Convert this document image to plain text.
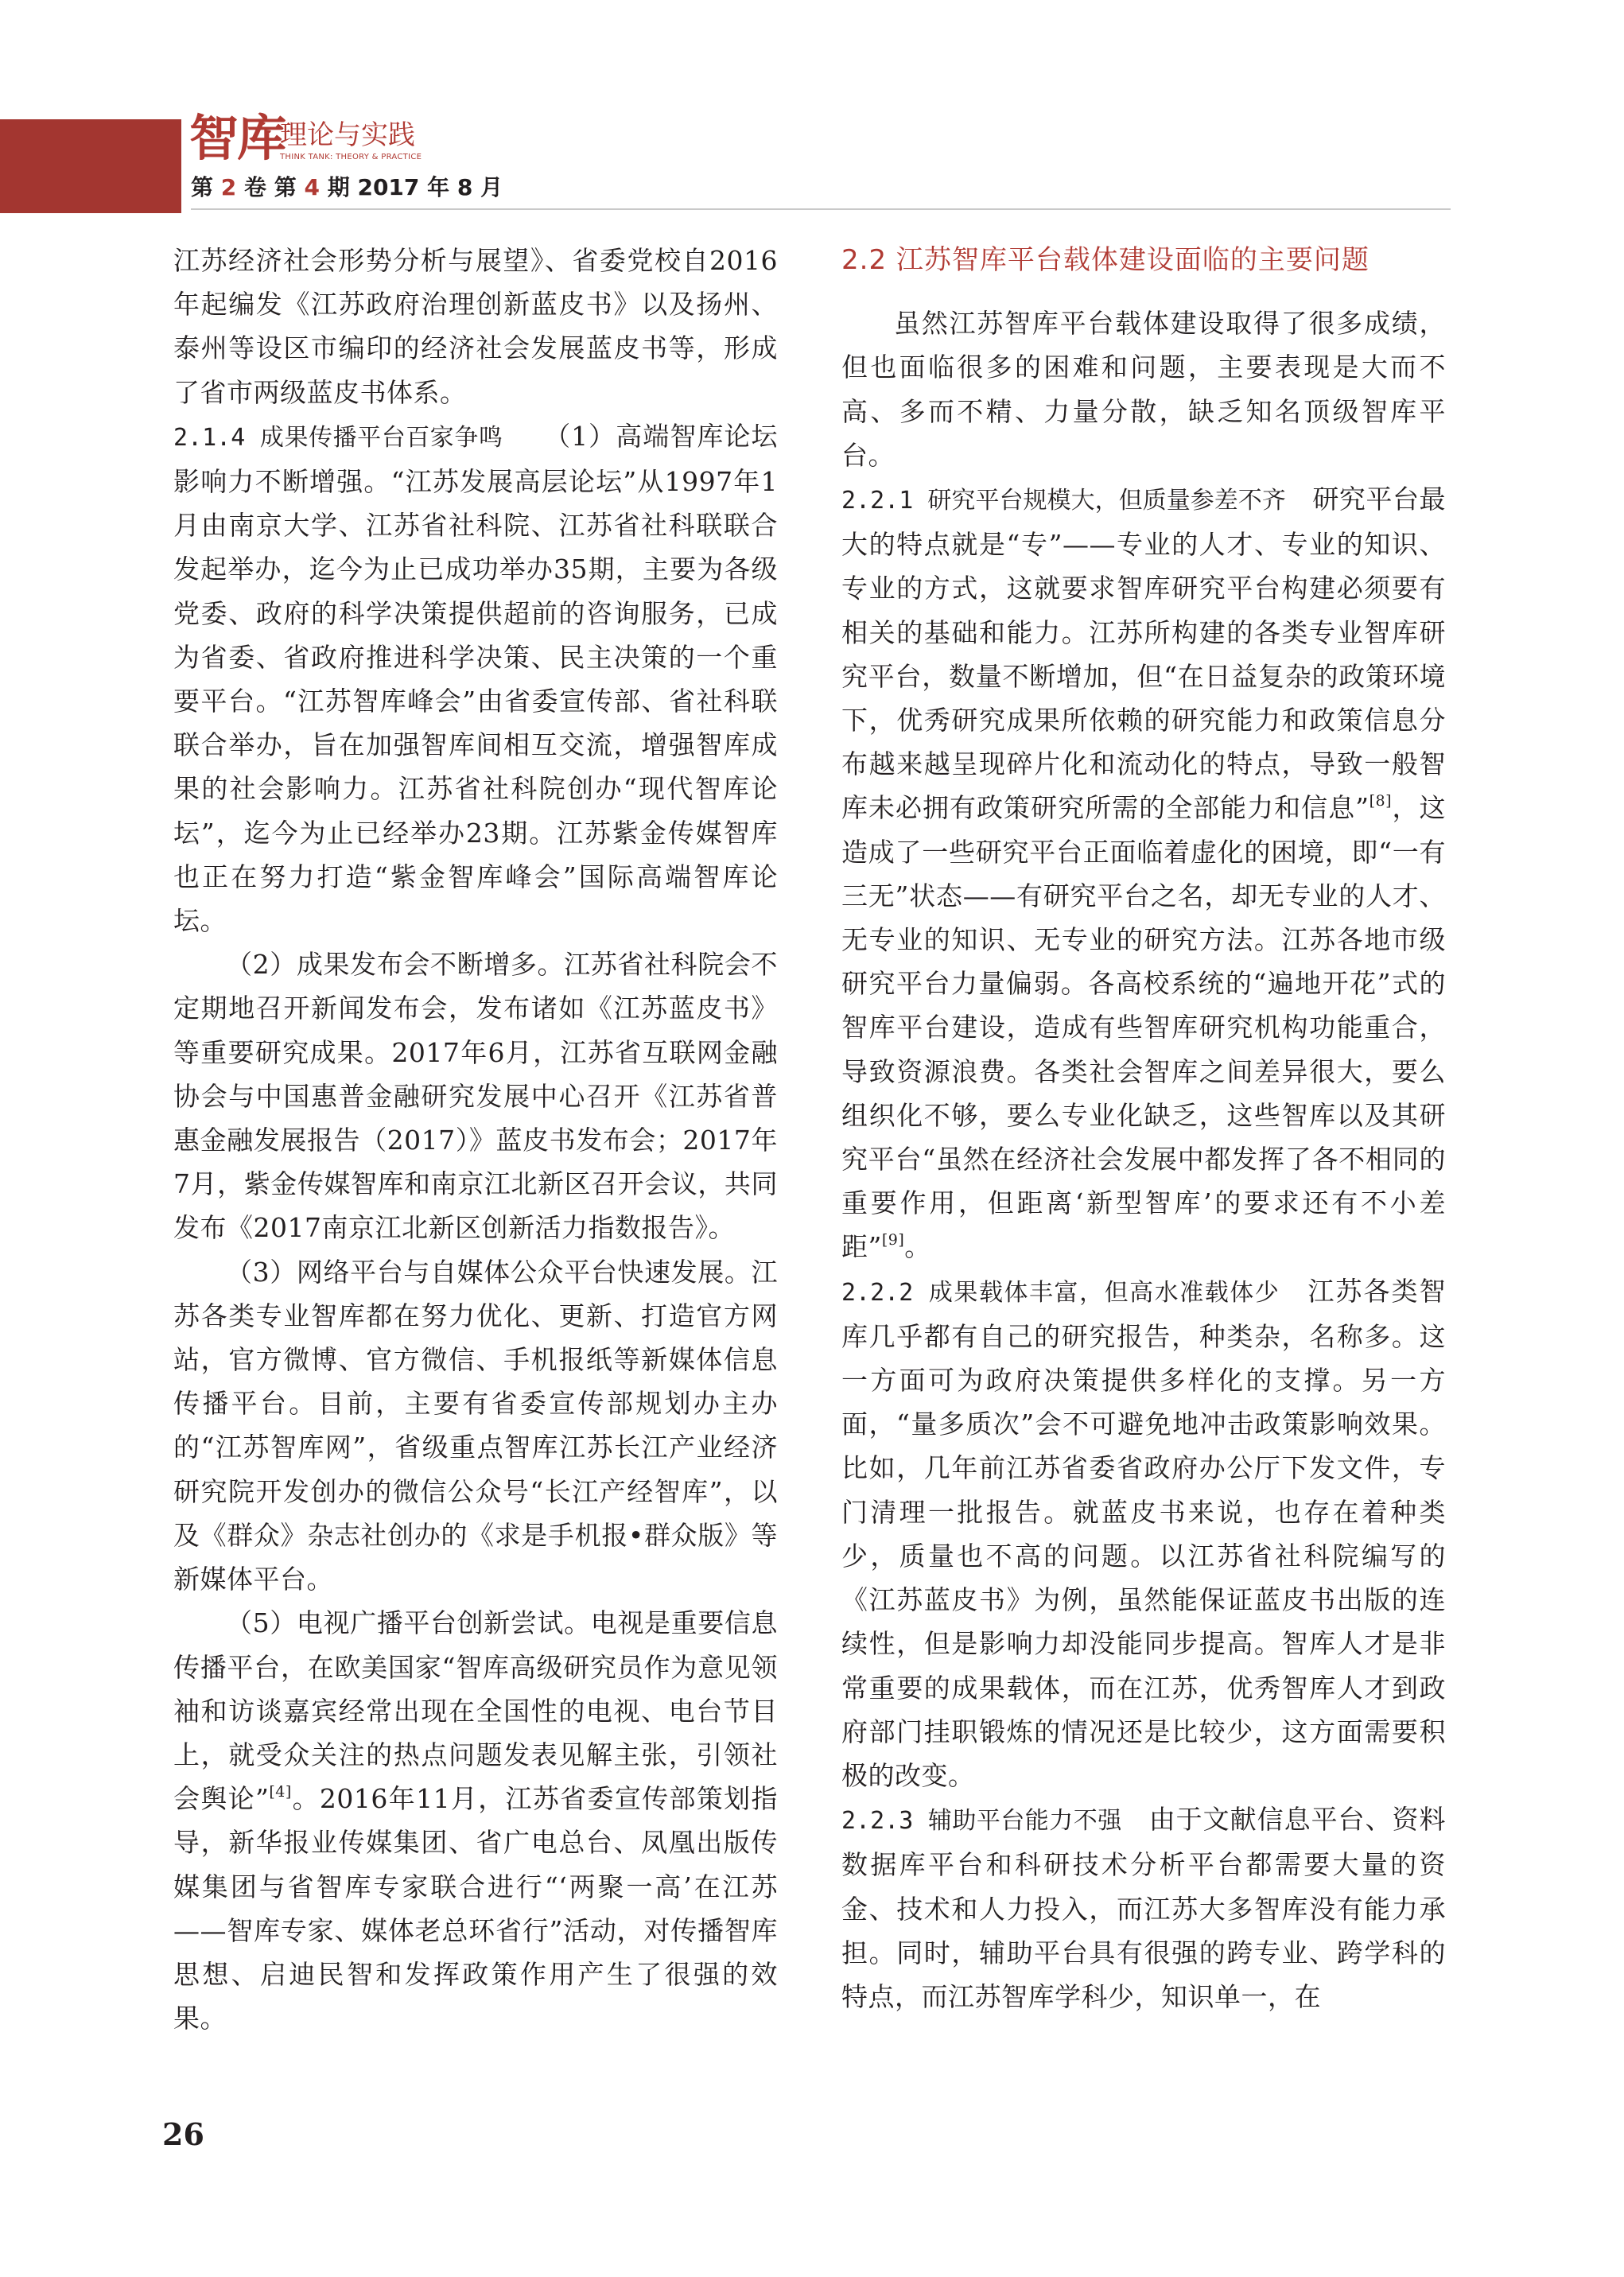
智库
理论与实践
THINK TANK: THEORY & PRACTICE
第 2 卷 第 4 期 2017 年 8 月

江苏经济社会形势分析与展望》、省委党校自2016年起编发《江苏政府治理创新蓝皮书》以及扬州、泰州等设区市编印的经济社会发展蓝皮书等，形成了省市两级蓝皮书体系。

2.1.4 成果传播平台百家争鸣　　 （1）高端智库论坛影响力不断增强。“江苏发展高层论坛”从1997年1月由南京大学、江苏省社科院、江苏省社科联联合发起举办，迄今为止已成功举办35期，主要为各级党委、政府的科学决策提供超前的咨询服务，已成为省委、省政府推进科学决策、民主决策的一个重要平台。“江苏智库峰会”由省委宣传部、省社科联联合举办，旨在加强智库间相互交流，增强智库成果的社会影响力。江苏省社科院创办“现代智库论坛”，迄今为止已经举办23期。江苏紫金传媒智库也正在努力打造“紫金智库峰会”国际高端智库论坛。

（2）成果发布会不断增多。江苏省社科院会不定期地召开新闻发布会，发布诸如《江苏蓝皮书》等重要研究成果。2017年6月，江苏省互联网金融协会与中国惠普金融研究发展中心召开《江苏省普惠金融发展报告（2017）》蓝皮书发布会；2017年7月，紫金传媒智库和南京江北新区召开会议，共同发布《2017南京江北新区创新活力指数报告》。

（3）网络平台与自媒体公众平台快速发展。江苏各类专业智库都在努力优化、更新、打造官方网站，官方微博、官方微信、手机报纸等新媒体信息传播平台。目前，主要有省委宣传部规划办主办的“江苏智库网”，省级重点智库江苏长江产业经济研究院开发创办的微信公众号“长江产经智库”，以及《群众》杂志社创办的《求是手机报•群众版》等新媒体平台。

（5）电视广播平台创新尝试。电视是重要信息传播平台，在欧美国家“智库高级研究员作为意见领袖和访谈嘉宾经常出现在全国性的电视、电台节目上，就受众关注的热点问题发表见解主张，引领社会舆论”[4]。2016年11月，江苏省委宣传部策划指导，新华报业传媒集团、省广电总台、凤凰出版传媒集团与省智库专家联合进行“‘两聚一高’在江苏——智库专家、媒体老总环省行”活动，对传播智库思想、启迪民智和发挥政策作用产生了很强的效果。

2.2 江苏智库平台载体建设面临的主要问题

虽然江苏智库平台载体建设取得了很多成绩，但也面临很多的困难和问题，主要表现是大而不高、多而不精、力量分散，缺乏知名顶级智库平台。

2.2.1 研究平台规模大，但质量参差不齐　 研究平台最大的特点就是“专”——专业的人才、专业的知识、专业的方式，这就要求智库研究平台构建必须要有相关的基础和能力。江苏所构建的各类专业智库研究平台，数量不断增加，但“在日益复杂的政策环境下，优秀研究成果所依赖的研究能力和政策信息分布越来越呈现碎片化和流动化的特点，导致一般智库未必拥有政策研究所需的全部能力和信息”[8]，这造成了一些研究平台正面临着虚化的困境，即“一有三无”状态——有研究平台之名，却无专业的人才、无专业的知识、无专业的研究方法。江苏各地市级研究平台力量偏弱。各高校系统的“遍地开花”式的智库平台建设，造成有些智库研究机构功能重合，导致资源浪费。各类社会智库之间差异很大，要么组织化不够，要么专业化缺乏，这些智库以及其研究平台“虽然在经济社会发展中都发挥了各不相同的重要作用，但距离‘新型智库’的要求还有不小差距”[9]。

2.2.2 成果载体丰富，但高水准载体少　 江苏各类智库几乎都有自己的研究报告，种类杂，名称多。这一方面可为政府决策提供多样化的支撑。另一方面，“量多质次”会不可避免地冲击政策影响效果。比如，几年前江苏省委省政府办公厅下发文件，专门清理一批报告。就蓝皮书来说，也存在着种类少，质量也不高的问题。以江苏省社科院编写的《江苏蓝皮书》为例，虽然能保证蓝皮书出版的连续性，但是影响力却没能同步提高。智库人才是非常重要的成果载体，而在江苏，优秀智库人才到政府部门挂职锻炼的情况还是比较少，这方面需要积极的改变。

2.2.3 辅助平台能力不强　 由于文献信息平台、资料数据库平台和科研技术分析平台都需要大量的资金、技术和人力投入，而江苏大多智库没有能力承担。同时，辅助平台具有很强的跨专业、跨学科的特点，而江苏智库学科少，知识单一，在

26
